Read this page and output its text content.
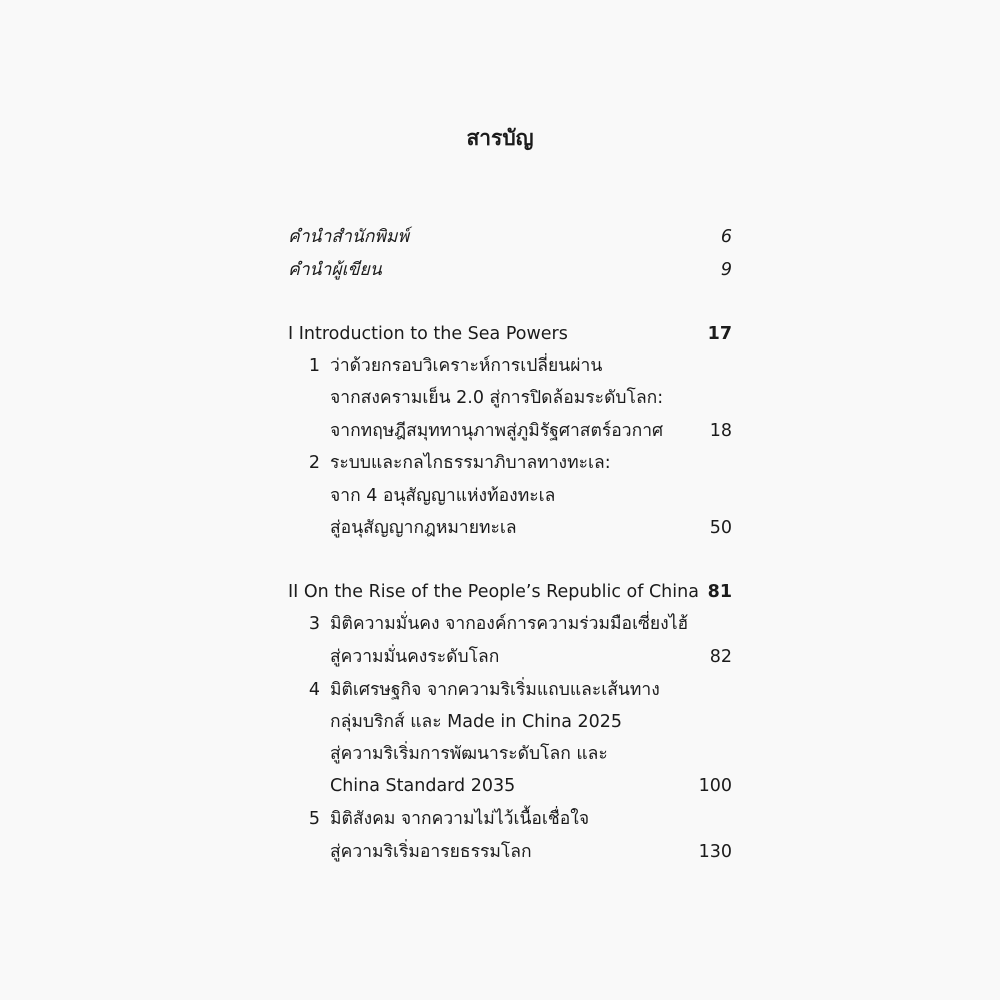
สารบัญ
คำนำสำนักพิมพ์	6
คำนำผู้เขียน	9
I Introduction to the Sea Powers	17
1 ว่าด้วยกรอบวิเคราะห์การเปลี่ยนผ่าน
จากสงครามเย็น 2.0 สู่การปิดล้อมระดับโลก:
จากทฤษฎีสมุททานุภาพสู่ภูมิรัฐศาสตร์อวกาศ	18
2 ระบบและกลไกธรรมาภิบาลทางทะเล:
จาก 4 อนุสัญญาแห่งท้องทะเล
สู่อนุสัญญากฎหมายทะเล	50
II On the Rise of the People’s Republic of China 81
3 มิติความมั่นคง จากองค์การความร่วมมือเซี่ยงไฮ้
สู่ความมั่นคงระดับโลก	82
4 มิติเศรษฐกิจ จากความริเริ่มแถบและเส้นทาง
กลุ่มบริกส์ และ Made in China 2025
สู่ความริเริ่มการพัฒนาระดับโลก และ
China Standard 2035	100
5 มิติสังคม จากความไม่ไว้เนื้อเชื่อใจ
สู่ความริเริ่มอารยธรรมโลก	130
